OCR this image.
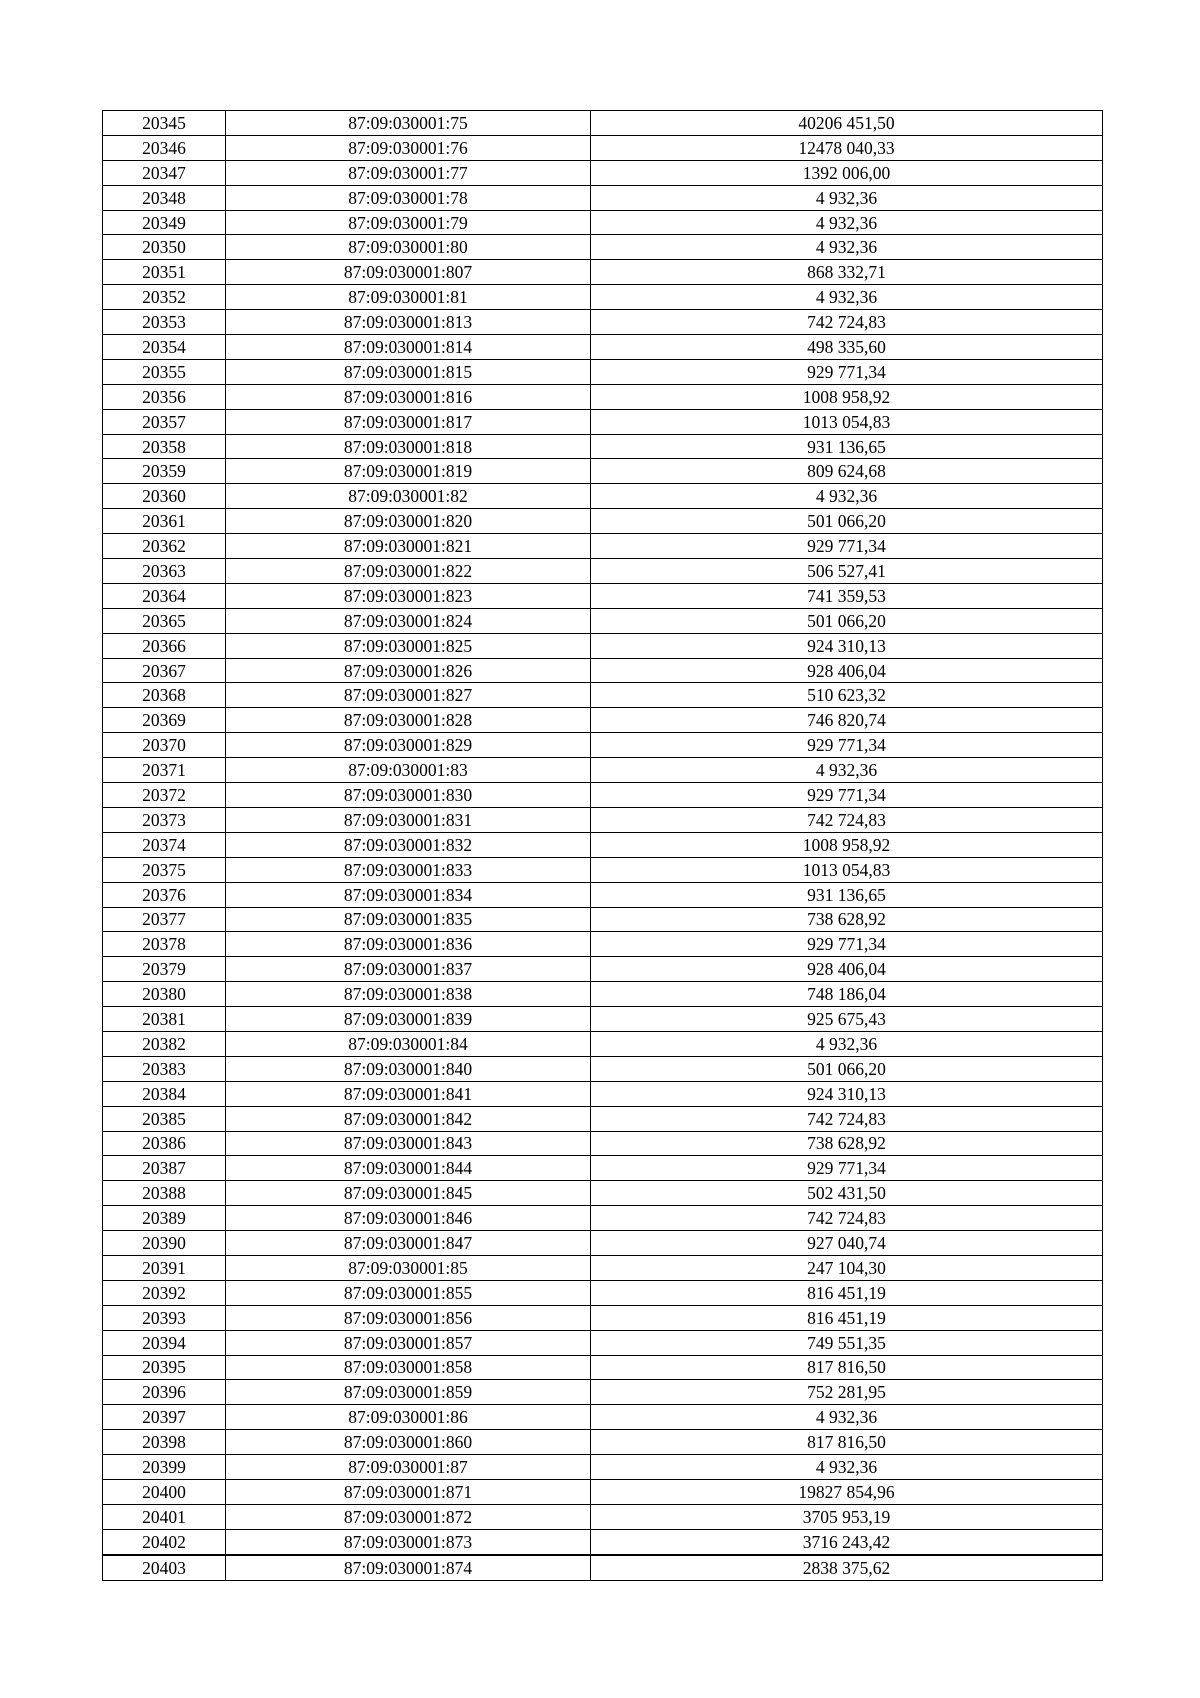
20345	87:09:030001:75	40206 451,50
20346	87:09:030001:76	12478 040,33
20347	87:09:030001:77	1392 006,00
20348	87:09:030001:78	4 932,36
20349	87:09:030001:79	4 932,36
20350	87:09:030001:80	4 932,36
20351	87:09:030001:807	868 332,71
20352	87:09:030001:81	4 932,36
20353	87:09:030001:813	742 724,83
20354	87:09:030001:814	498 335,60
20355	87:09:030001:815	929 771,34
20356	87:09:030001:816	1008 958,92
20357	87:09:030001:817	1013 054,83
20358	87:09:030001:818	931 136,65
20359	87:09:030001:819	809 624,68
20360	87:09:030001:82	4 932,36
20361	87:09:030001:820	501 066,20
20362	87:09:030001:821	929 771,34
20363	87:09:030001:822	506 527,41
20364	87:09:030001:823	741 359,53
20365	87:09:030001:824	501 066,20
20366	87:09:030001:825	924 310,13
20367	87:09:030001:826	928 406,04
20368	87:09:030001:827	510 623,32
20369	87:09:030001:828	746 820,74
20370	87:09:030001:829	929 771,34
20371	87:09:030001:83	4 932,36
20372	87:09:030001:830	929 771,34
20373	87:09:030001:831	742 724,83
20374	87:09:030001:832	1008 958,92
20375	87:09:030001:833	1013 054,83
20376	87:09:030001:834	931 136,65
20377	87:09:030001:835	738 628,92
20378	87:09:030001:836	929 771,34
20379	87:09:030001:837	928 406,04
20380	87:09:030001:838	748 186,04
20381	87:09:030001:839	925 675,43
20382	87:09:030001:84	4 932,36
20383	87:09:030001:840	501 066,20
20384	87:09:030001:841	924 310,13
20385	87:09:030001:842	742 724,83
20386	87:09:030001:843	738 628,92
20387	87:09:030001:844	929 771,34
20388	87:09:030001:845	502 431,50
20389	87:09:030001:846	742 724,83
20390	87:09:030001:847	927 040,74
20391	87:09:030001:85	247 104,30
20392	87:09:030001:855	816 451,19
20393	87:09:030001:856	816 451,19
20394	87:09:030001:857	749 551,35
20395	87:09:030001:858	817 816,50
20396	87:09:030001:859	752 281,95
20397	87:09:030001:86	4 932,36
20398	87:09:030001:860	817 816,50
20399	87:09:030001:87	4 932,36
20400	87:09:030001:871	19827 854,96
20401	87:09:030001:872	3705 953,19
20402	87:09:030001:873	3716 243,42
20403	87:09:030001:874	2838 375,62
